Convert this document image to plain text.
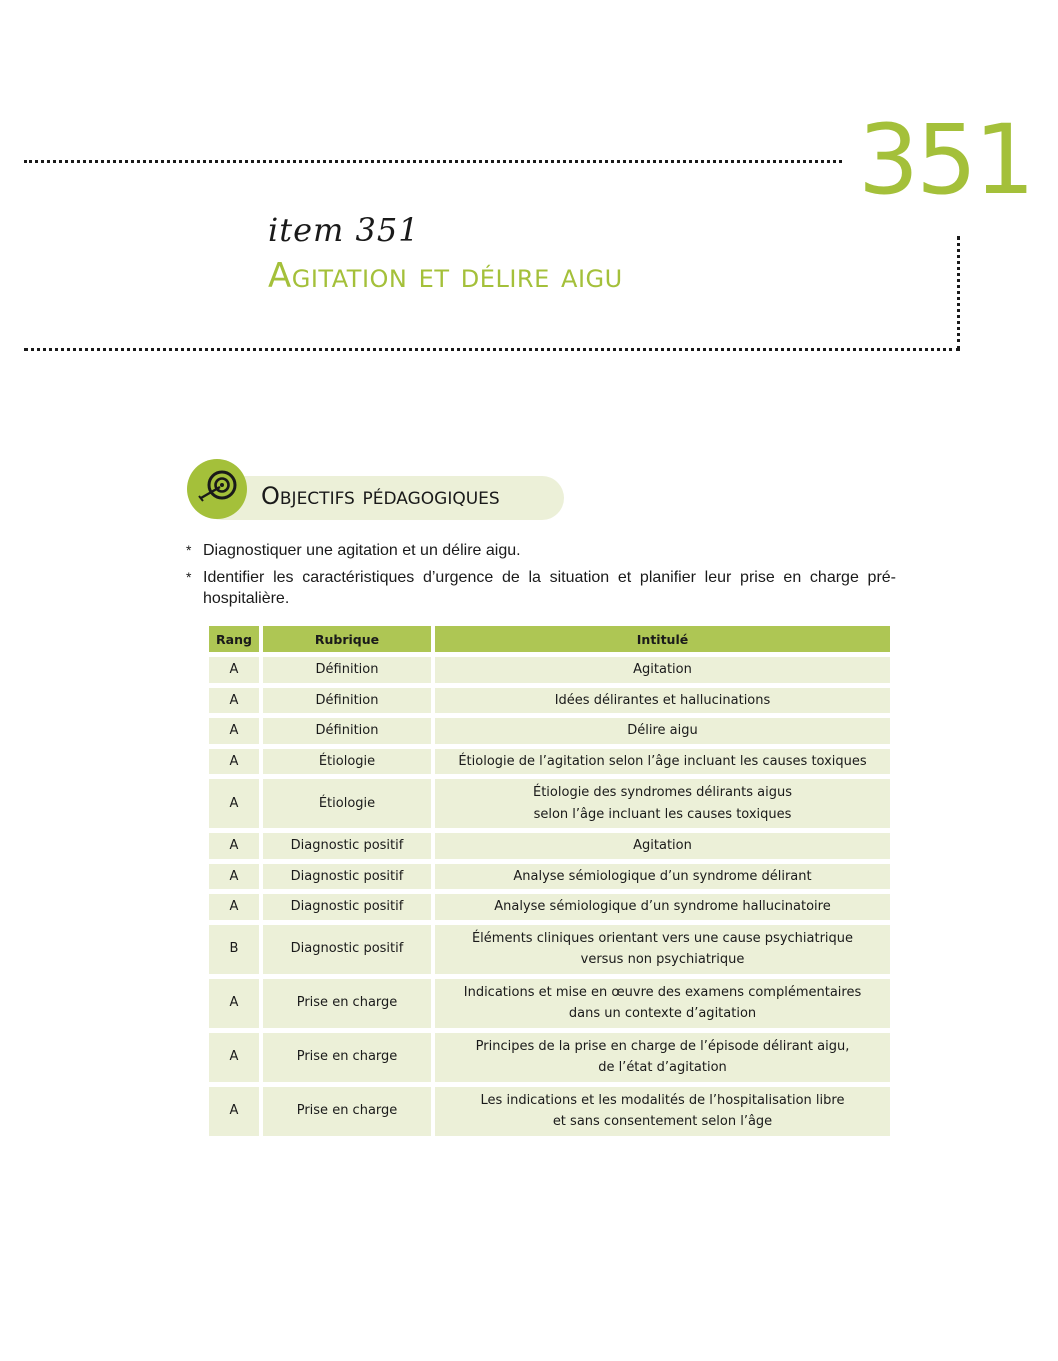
351
item 351
Agitation et délire aigu
Objectifs pédagogiques
* Diagnostiquer une agitation et un délire aigu.
* Identifier les caractéristiques d’urgence de la situation et planifier leur prise en charge pré-hospitalière.
Rang	Rubrique	Intitulé
A	Définition	Agitation

A	Définition	Idées délirantes et hallucinations

A	Définition	Délire aigu

A	Étiologie	Étiologie de l’agitation selon l’âge incluant les causes toxiques

A	Étiologie	Étiologie des syndromes délirants aigus
selon l’âge incluant les causes toxiques

A	Diagnostic positif	Agitation

A	Diagnostic positif	Analyse sémiologique d’un syndrome délirant

A	Diagnostic positif	Analyse sémiologique d’un syndrome hallucinatoire

B	Diagnostic positif	Éléments cliniques orientant vers une cause psychiatrique
versus non psychiatrique

A	Prise en charge	Indications et mise en œuvre des examens complémentaires
dans un contexte d’agitation

A	Prise en charge	Principes de la prise en charge de l’épisode délirant aigu,
de l’état d’agitation

A	Prise en charge	Les indications et les modalités de l’hospitalisation libre
et sans consentement selon l’âge
